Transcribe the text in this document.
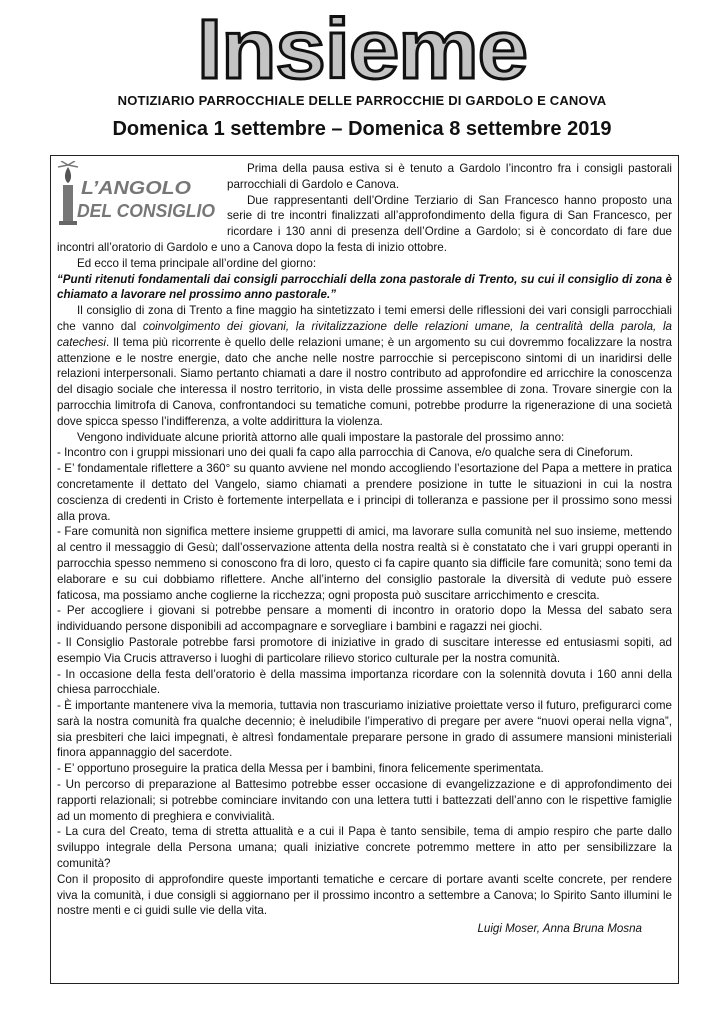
Insieme
NOTIZIARIO PARROCCHIALE DELLE PARROCCHIE DI GARDOLO E CANOVA
Domenica 1 settembre – Domenica 8 settembre 2019
L’ANGOLO
DEL CONSIGLIO

Prima della pausa estiva si è tenuto a Gardolo l’incontro fra i consigli pastorali parrocchiali di Gardolo e Canova.

Due rappresentanti dell’Ordine Terziario di San Francesco hanno proposto una serie di tre incontri finalizzati all’approfondimento della figura di San Francesco, per ricordare i 130 anni di presenza dell’Ordine a Gardolo; si è concordato di fare due incontri all’oratorio di Gardolo e uno a Canova dopo la festa di inizio ottobre.

Ed ecco il tema principale all’ordine del giorno:

“Punti ritenuti fondamentali dai consigli parrocchiali della zona pastorale di Trento, su cui il consiglio di zona è chiamato a lavorare nel prossimo anno pastorale.”

Il consiglio di zona di Trento a fine maggio ha sintetizzato i temi emersi delle riflessioni dei vari consigli parrocchiali che vanno dal coinvolgimento dei giovani, la rivitalizzazione delle relazioni umane, la centralità della parola, la catechesi. Il tema più ricorrente è quello delle relazioni umane; è un argomento su cui dovremmo focalizzare la nostra attenzione e le nostre energie, dato che anche nelle nostre parrocchie si percepiscono sintomi di un inaridirsi delle relazioni interpersonali. Siamo pertanto chiamati a dare il nostro contributo ad approfondire ed arricchire la conoscenza del disagio sociale che interessa il nostro territorio, in vista delle prossime assemblee di zona. Trovare sinergie con la parrocchia limitrofa di Canova, confrontandoci su tematiche comuni, potrebbe produrre la rigenerazione di una società dove spicca spesso l’indifferenza, a volte addirittura la violenza.

Vengono individuate alcune priorità attorno alle quali impostare la pastorale del prossimo anno:

- Incontro con i gruppi missionari uno dei quali fa capo alla parrocchia di Canova, e/o qualche sera di Cineforum.

- E’ fondamentale riflettere a 360° su quanto avviene nel mondo accogliendo l’esortazione del Papa a mettere in pratica concretamente il dettato del Vangelo, siamo chiamati a prendere posizione in tutte le situazioni in cui la nostra coscienza di credenti in Cristo è fortemente interpellata e i principi di tolleranza e passione per il prossimo sono messi alla prova.

- Fare comunità non significa mettere insieme gruppetti di amici, ma lavorare sulla comunità nel suo insieme, mettendo al centro il messaggio di Gesù; dall’osservazione attenta della nostra realtà si è constatato che i vari gruppi operanti in parrocchia spesso nemmeno si conoscono fra di loro, questo ci fa capire quanto sia difficile fare comunità; sono temi da elaborare e su cui dobbiamo riflettere. Anche all’interno del consiglio pastorale la diversità di vedute può essere faticosa, ma possiamo anche coglierne la ricchezza; ogni proposta può suscitare arricchimento e crescita.

- Per accogliere i giovani si potrebbe pensare a momenti di incontro in oratorio dopo la Messa del sabato sera individuando persone disponibili ad accompagnare e sorvegliare i bambini e ragazzi nei giochi.

- Il Consiglio Pastorale potrebbe farsi promotore di iniziative in grado di suscitare interesse ed entusiasmi sopiti, ad esempio Via Crucis attraverso i luoghi di particolare rilievo storico culturale per la nostra comunità.

- In occasione della festa dell’oratorio è della massima importanza ricordare con la solennità dovuta i 160 anni della chiesa parrocchiale.

- È importante mantenere viva la memoria, tuttavia non trascuriamo iniziative proiettate verso il futuro, prefigurarci come sarà la nostra comunità fra qualche decennio; è ineludibile l’imperativo di pregare per avere “nuovi operai nella vigna”, sia presbiteri che laici impegnati, è altresì fondamentale preparare persone in grado di assumere mansioni ministeriali finora appannaggio del sacerdote.

- E’ opportuno proseguire la pratica della Messa per i bambini, finora felicemente sperimentata.

- Un percorso di preparazione al Battesimo potrebbe esser occasione di evangelizzazione e di approfondimento dei rapporti relazionali; si potrebbe cominciare invitando con una lettera tutti i battezzati dell’anno con le rispettive famiglie ad un momento di preghiera e convivialità.

- La cura del Creato, tema di stretta attualità e a cui il Papa è tanto sensibile, tema di ampio respiro che parte dallo sviluppo integrale della Persona umana; quali iniziative concrete potremmo mettere in atto per sensibilizzare la comunità?

Con il proposito di approfondire queste importanti tematiche e cercare di portare avanti scelte concrete, per rendere viva la comunità, i due consigli si aggiornano per il prossimo incontro a settembre a Canova; lo Spirito Santo illumini le nostre menti e ci guidi sulle vie della vita.

Luigi Moser, Anna Bruna Mosna
